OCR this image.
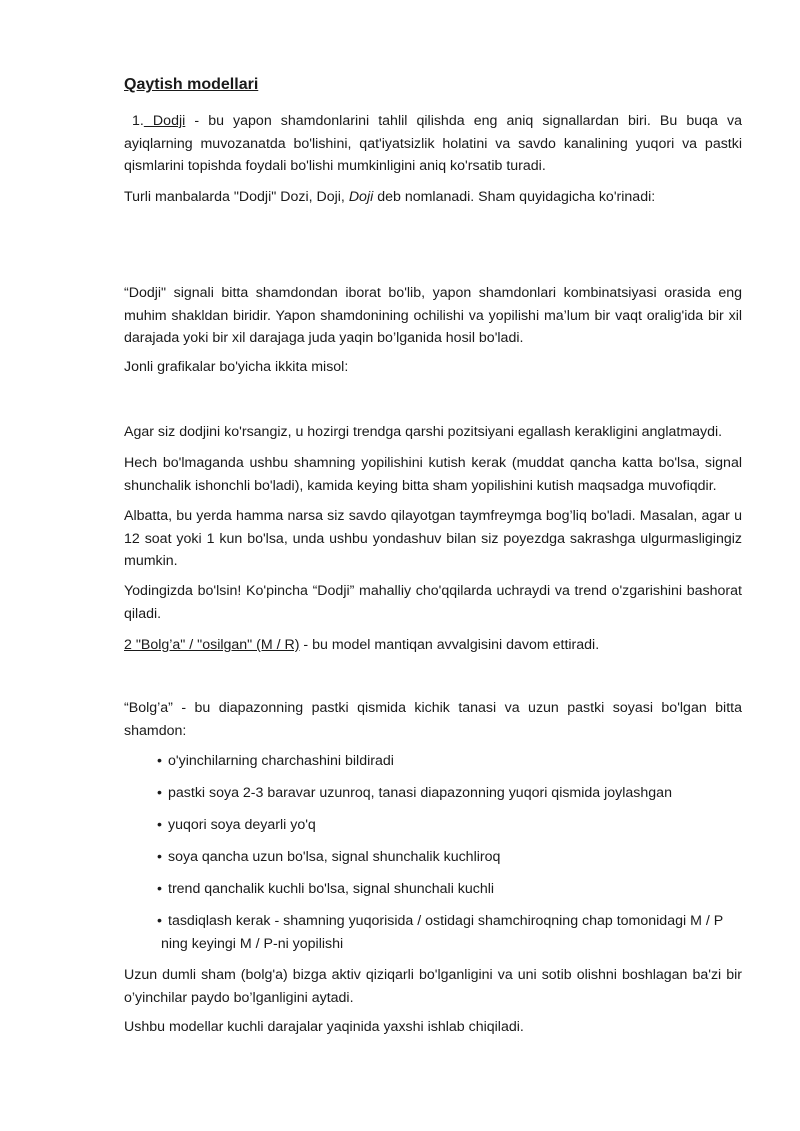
Qaytish modellari

1. Dodji - bu yapon shamdonlarini tahlil qilishda eng aniq signallardan biri. Bu buqa va ayiqlarning muvozanatda bo'lishini, qat'iyatsizlik holatini va savdo kanalining yuqori va pastki qismlarini topishda foydali bo'lishi mumkinligini aniq ko'rsatib turadi.

Turli manbalarda "Dodji" Dozi, Doji, Doji deb nomlanadi. Sham quyidagicha ko'rinadi:

“Dodji" signali bitta shamdondan iborat bo'lib, yapon shamdonlari kombinatsiyasi orasida eng muhim shakldan biridir. Yapon shamdonining ochilishi va yopilishi ma’lum bir vaqt oralig'ida bir xil darajada yoki bir xil darajaga juda yaqin bo’lganida hosil bo'ladi.

Jonli grafikalar bo'yicha ikkita misol:

Agar siz dodjini ko'rsangiz, u hozirgi trendga qarshi pozitsiyani egallash kerakligini anglatmaydi.

Hech bo'lmaganda ushbu shamning yopilishini kutish kerak (muddat qancha katta bo'lsa, signal shunchalik ishonchli bo'ladi), kamida keying bitta sham yopilishini kutish maqsadga muvofiqdir.

Albatta, bu yerda hamma narsa siz savdo qilayotgan taymfreymga bog’liq bo'ladi. Masalan, agar u 12 soat yoki 1 kun bo'lsa, unda ushbu yondashuv bilan siz poyezdga sakrashga ulgurmasligingiz mumkin.

Yodingizda bo'lsin! Ko'pincha “Dodji” mahalliy cho'qqilarda uchraydi va trend o'zgarishini bashorat qiladi.

2 "Bolg’a" / "osilgan" (M / R) - bu model mantiqan avvalgisini davom ettiradi.

“Bolg’a” - bu diapazonning pastki qismida kichik tanasi va uzun pastki soyasi bo'lgan bitta shamdon:

• o'yinchilarning charchashini bildiradi
• pastki soya 2-3 baravar uzunroq, tanasi diapazonning yuqori qismida joylashgan
• yuqori soya deyarli yo'q
• soya qancha uzun bo'lsa, signal shunchalik kuchliroq
• trend qanchalik kuchli bo'lsa, signal shunchali kuchli
• tasdiqlash kerak - shamning yuqorisida / ostidagi shamchiroqning chap tomonidagi M / P
ning keyingi M / P-ni yopilishi

Uzun dumli sham (bolg'a) bizga aktiv qiziqarli bo'lganligini va uni sotib olishni boshlagan ba'zi bir o’yinchilar paydo bo’lganligini aytadi.

Ushbu modellar kuchli darajalar yaqinida yaxshi ishlab chiqiladi.
